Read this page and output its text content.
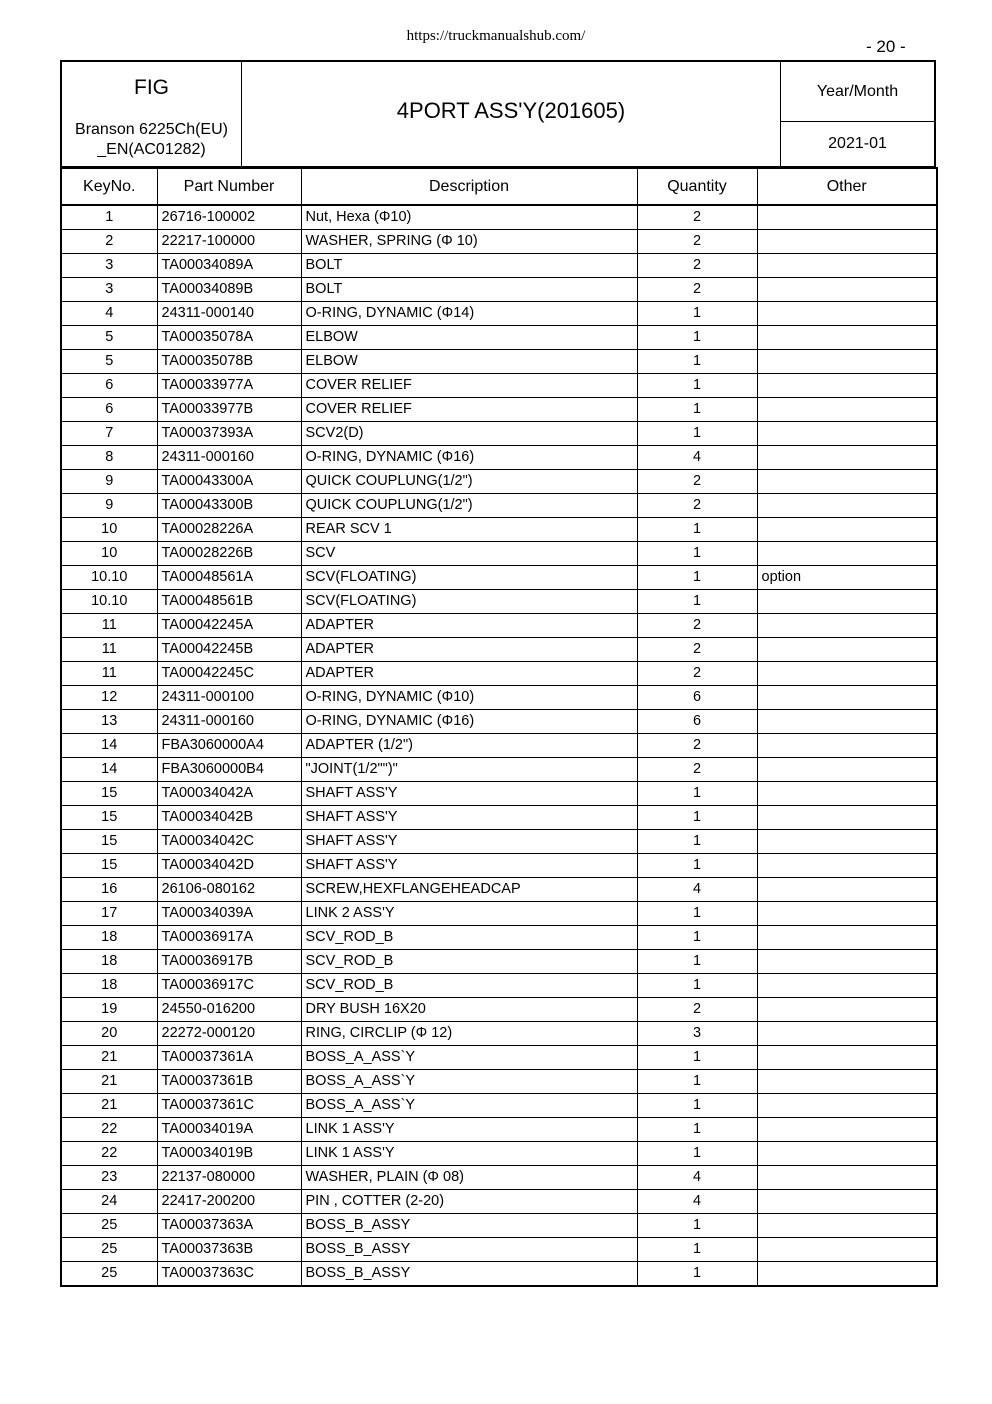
https://truckmanualshub.com/
- 20 -
FIG
Branson 6225Ch(EU)
_EN(AC01282)
4PORT ASS'Y(201605)
Year/Month
2021-01
KeyNo.	Part Number	Description	Quantity	Other
1	26716-100002	Nut, Hexa (Φ10)	2	
2	22217-100000	WASHER, SPRING (Φ 10)	2	
3	TA00034089A	BOLT	2	
3	TA00034089B	BOLT	2	
4	24311-000140	O-RING, DYNAMIC (Φ14)	1	
5	TA00035078A	ELBOW	1	
5	TA00035078B	ELBOW	1	
6	TA00033977A	COVER RELIEF	1	
6	TA00033977B	COVER RELIEF	1	
7	TA00037393A	SCV2(D)	1	
8	24311-000160	O-RING, DYNAMIC (Φ16)	4	
9	TA00043300A	QUICK COUPLUNG(1/2")	2	
9	TA00043300B	QUICK COUPLUNG(1/2")	2	
10	TA00028226A	REAR SCV 1	1	
10	TA00028226B	SCV	1	
10.10	TA00048561A	SCV(FLOATING)	1	option
10.10	TA00048561B	SCV(FLOATING)	1	
11	TA00042245A	ADAPTER	2	
11	TA00042245B	ADAPTER	2	
11	TA00042245C	ADAPTER	2	
12	24311-000100	O-RING, DYNAMIC (Φ10)	6	
13	24311-000160	O-RING, DYNAMIC (Φ16)	6	
14	FBA3060000A4	ADAPTER (1/2")	2	
14	FBA3060000B4	"JOINT(1/2"")"	2	
15	TA00034042A	SHAFT ASS'Y	1	
15	TA00034042B	SHAFT ASS'Y	1	
15	TA00034042C	SHAFT ASS'Y	1	
15	TA00034042D	SHAFT ASS'Y	1	
16	26106-080162	SCREW,HEXFLANGEHEADCAP	4	
17	TA00034039A	LINK 2 ASS'Y	1	
18	TA00036917A	SCV_ROD_B	1	
18	TA00036917B	SCV_ROD_B	1	
18	TA00036917C	SCV_ROD_B	1	
19	24550-016200	DRY BUSH 16X20	2	
20	22272-000120	RING, CIRCLIP (Φ 12)	3	
21	TA00037361A	BOSS_A_ASS`Y	1	
21	TA00037361B	BOSS_A_ASS`Y	1	
21	TA00037361C	BOSS_A_ASS`Y	1	
22	TA00034019A	LINK 1 ASS'Y	1	
22	TA00034019B	LINK 1 ASS'Y	1	
23	22137-080000	WASHER, PLAIN (Φ 08)	4	
24	22417-200200	PIN , COTTER (2-20)	4	
25	TA00037363A	BOSS_B_ASSY	1	
25	TA00037363B	BOSS_B_ASSY	1	
25	TA00037363C	BOSS_B_ASSY	1	
